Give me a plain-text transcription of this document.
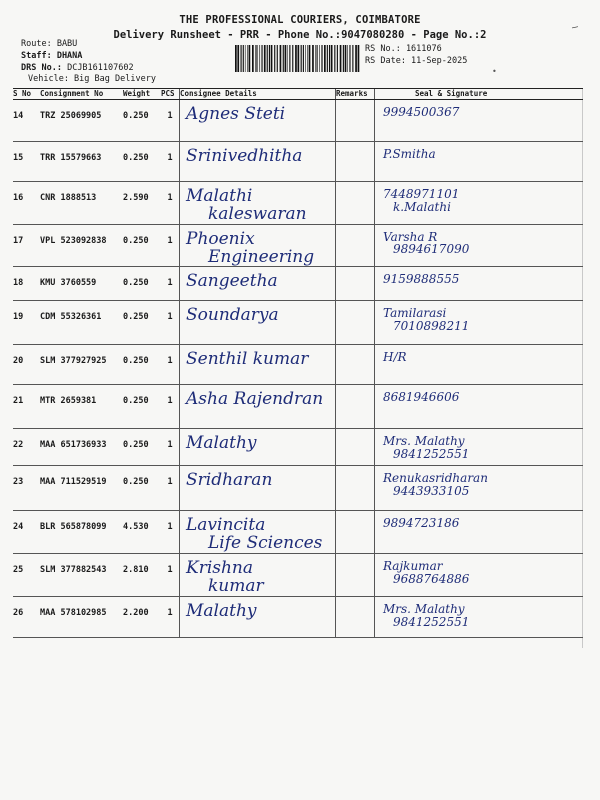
THE PROFESSIONAL COURIERS, COIMBATORE
Delivery Runsheet - PRR - Phone No.:9047080280 - Page No.:2
Route: BABU
Staff: DHANA
DRS No.: DCJB161107602
Vehicle: Big Bag Delivery
RS No.: 1611076
RS Date: 11-Sep-2025
—
•
S No	Consignment No	Weight	PCS	Consignee Details	Remarks	Seal & Signature

14	TRZ 25069905	0.250	1	Agnes Steti		9994500367

15	TRR 15579663	0.250	1	Srinivedhitha		P.Smitha

16	CNR 1888513	2.590	1	Malathi
kaleswaran		7448971101
k.Malathi

17	VPL 523092838	0.250	1	Phoenix
Engineering		Varsha R
9894617090

18	KMU 3760559	0.250	1	Sangeetha		9159888555

19	CDM 55326361	0.250	1	Soundarya		Tamilarasi
7010898211

20	SLM 377927925	0.250	1	Senthil kumar		H/R

21	MTR 2659381	0.250	1	Asha Rajendran		8681946606

22	MAA 651736933	0.250	1	Malathy		Mrs. Malathy
9841252551

23	MAA 711529519	0.250	1	Sridharan		Renukasridharan
9443933105

24	BLR 565878099	4.530	1	Lavincita
Life Sciences		9894723186

25	SLM 377882543	2.810	1	Krishna
kumar		Rajkumar
9688764886

26	MAA 578102985	2.200	1	Malathy		Mrs. Malathy
9841252551
